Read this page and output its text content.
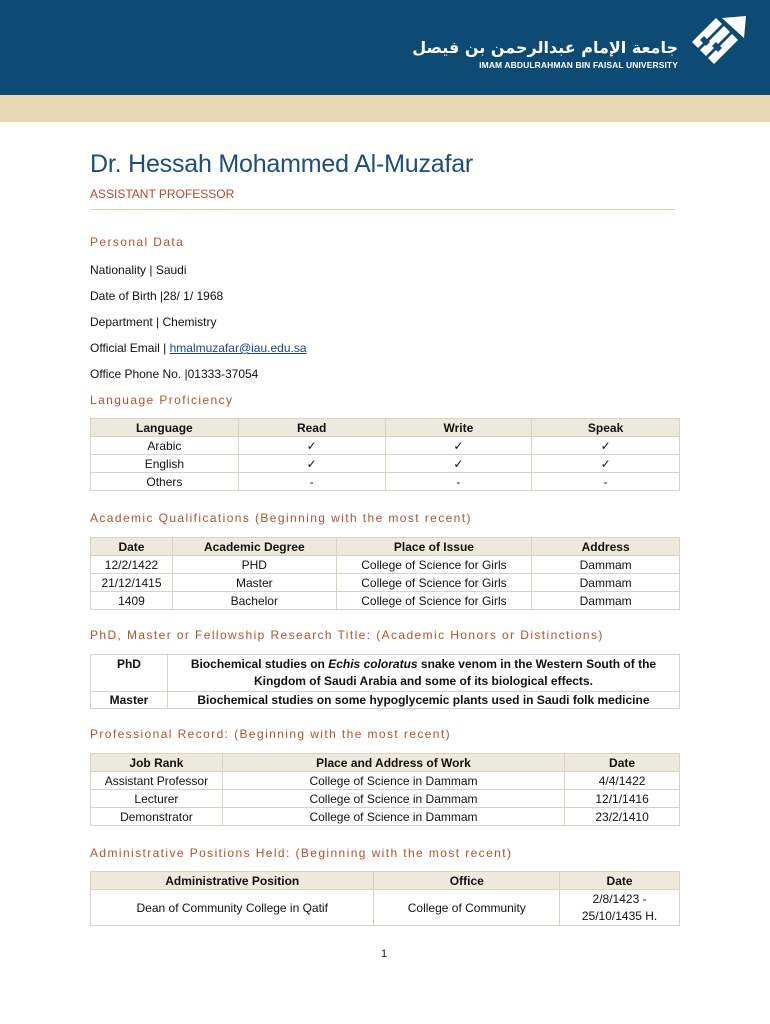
جامعة الإمام عبدالرحمن بن فيصل
IMAM ABDULRAHMAN BIN FAISAL UNIVERSITY
Dr. Hessah Mohammed Al-Muzafar
ASSISTANT PROFESSOR
Personal Data
Nationality | Saudi
Date of Birth |28/ 1/ 1968
Department | Chemistry
Official Email | hmalmuzafar@iau.edu.sa
Office Phone No. |01333-37054
Language Proficiency
Language	Read	Write	Speak
Arabic	✓	✓	✓
English	✓	✓	✓
Others	-	-	-
Academic Qualifications (Beginning with the most recent)
Date	Academic Degree	Place of Issue	Address
12/2/1422	PHD	College of Science for Girls	Dammam
21/12/1415	Master	College of Science for Girls	Dammam
1409	Bachelor	College of Science for Girls	Dammam
PhD, Master or Fellowship Research Title: (Academic Honors or Distinctions)
PhD	Biochemical studies on Echis coloratus snake venom in the Western South of the Kingdom of Saudi Arabia and some of its biological effects.
Master	Biochemical studies on some hypoglycemic plants used in Saudi folk medicine
Professional Record: (Beginning with the most recent)
Job Rank	Place and Address of Work	Date
Assistant Professor	College of Science in Dammam	4/4/1422
Lecturer	College of Science in Dammam	12/1/1416
Demonstrator	College of Science in Dammam	23/2/1410
Administrative Positions Held: (Beginning with the most recent)
Administrative Position	Office	Date
Dean of Community College in Qatif	College of Community	2/8/1423 -
25/10/1435 H.
1
